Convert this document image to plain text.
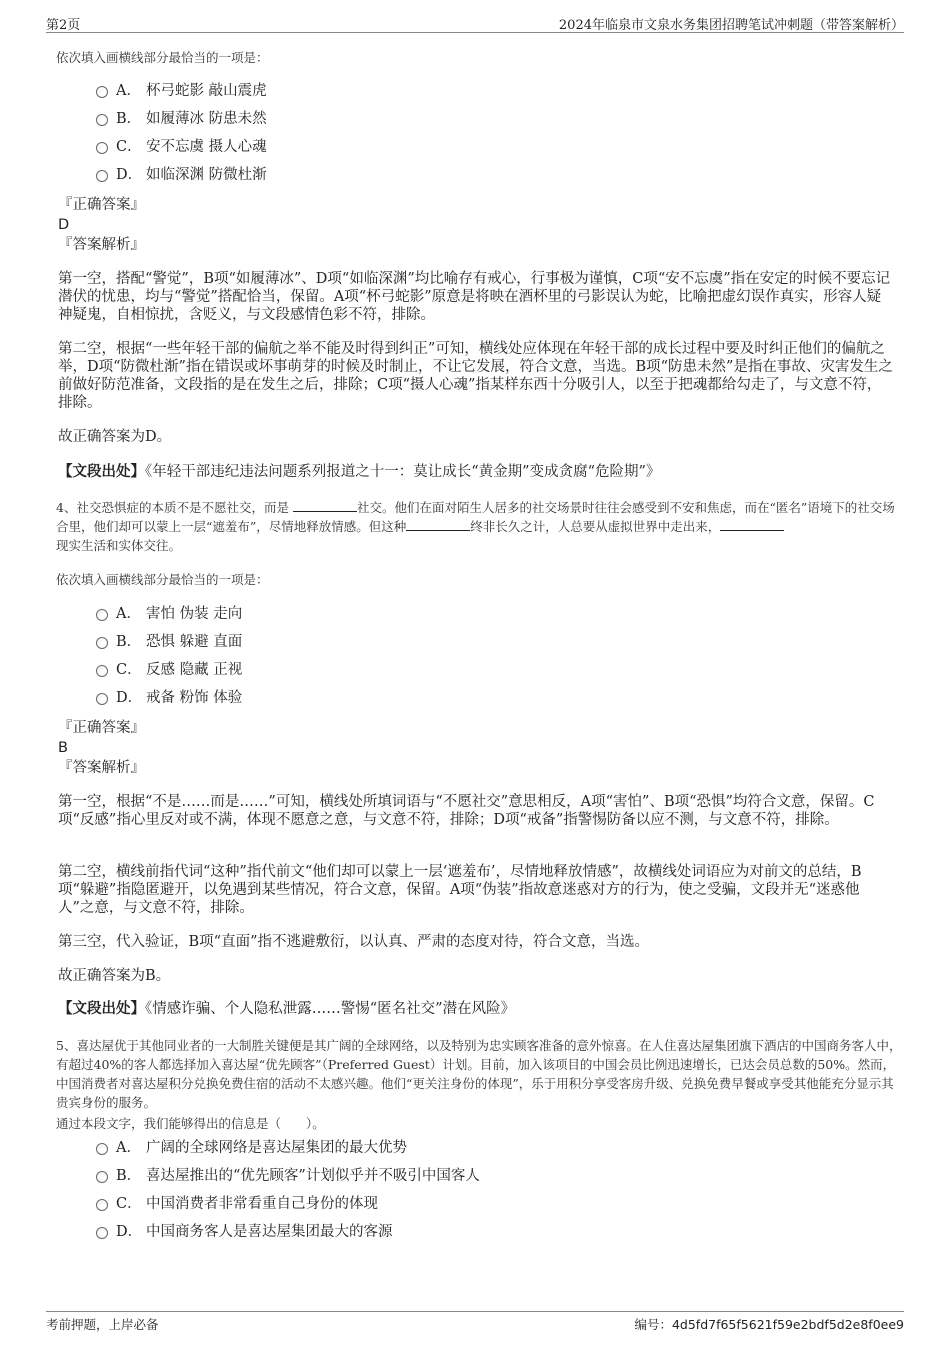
第2页	2024年临泉市文泉水务集团招聘笔试冲刺题（带答案解析）
依次填入画横线部分最恰当的一项是：
A． 杯弓蛇影 敲山震虎
B． 如履薄冰 防患未然
C． 安不忘虞 摄人心魂
D． 如临深渊 防微杜渐
『正确答案』
D
『答案解析』
第一空，搭配“警觉”，B项“如履薄冰”、D项“如临深渊”均比喻存有戒心，行事极为谨慎，C项“安不忘虞”指在安定的时候不要忘记潜伏的忧患，均与“警觉”搭配恰当，保留。A项“杯弓蛇影”原意是将映在酒杯里的弓影误认为蛇，比喻把虚幻误作真实，形容人疑神疑鬼，自相惊扰，含贬义，与文段感情色彩不符，排除。
第二空，根据“一些年轻干部的偏航之举不能及时得到纠正”可知，横线处应体现在年轻干部的成长过程中要及时纠正他们的偏航之举，D项“防微杜渐”指在错误或坏事萌芽的时候及时制止，不让它发展，符合文意，当选。B项“防患未然”是指在事故、灾害发生之前做好防范准备，文段指的是在发生之后，排除；C项“摄人心魂”指某样东西十分吸引人，以至于把魂都给勾走了，与文意不符，排除。
故正确答案为D。
【文段出处】《年轻干部违纪违法问题系列报道之十一：莫让成长“黄金期”变成贪腐“危险期”》
4、社交恐惧症的本质不是不愿社交，而是	社交。他们在面对陌生人居多的社交场景时往往会感受到不安和焦虑，而在“匿名”语境下的社交场合里，他们却可以蒙上一层“遮羞布”，尽情地释放情感。但这种	终非长久之计，人总要从虚拟世界中走出来，
现实生活和实体交往。
依次填入画横线部分最恰当的一项是：
A． 害怕 伪装 走向
B． 恐惧 躲避 直面
C． 反感 隐藏 正视
D． 戒备 粉饰 体验
『正确答案』
B
『答案解析』
第一空，根据“不是……而是……”可知，横线处所填词语与“不愿社交”意思相反，A项“害怕”、B项“恐惧”均符合文意，保留。C项“反感”指心里反对或不满，体现不愿意之意，与文意不符，排除；D项“戒备”指警惕防备以应不测，与文意不符，排除。
第二空，横线前指代词“这种”指代前文“他们却可以蒙上一层‘遮羞布’，尽情地释放情感”，故横线处词语应为对前文的总结，B项“躲避”指隐匿避开，以免遇到某些情况，符合文意，保留。A项“伪装”指故意迷惑对方的行为，使之受骗，文段并无“迷惑他人”之意，与文意不符，排除。
第三空，代入验证，B项“直面”指不逃避敷衍，以认真、严肃的态度对待，符合文意，当选。
故正确答案为B。
【文段出处】《情感诈骗、个人隐私泄露……警惕“匿名社交”潜在风险》
5、喜达屋优于其他同业者的一大制胜关键便是其广阔的全球网络，以及特别为忠实顾客准备的意外惊喜。在人住喜达屋集团旗下酒店的中国商务客人中，有超过40%的客人都选择加入喜达屋“优先顾客”（Preferred Guest）计划。目前，加入该项目的中国会员比例迅速增长，已达会员总数的50%。然而，中国消费者对喜达屋积分兑换免费住宿的活动不太感兴趣。他们“更关注身份的体现”，乐于用积分享受客房升级、兑换免费早餐或享受其他能充分显示其贵宾身份的服务。
通过本段文字，我们能够得出的信息是（　　）。
A． 广阔的全球网络是喜达屋集团的最大优势
B． 喜达屋推出的“优先顾客”计划似乎并不吸引中国客人
C． 中国消费者非常看重自己身份的体现
D． 中国商务客人是喜达屋集团最大的客源
考前押题，上岸必备	编号：4d5fd7f65f5621f59e2bdf5d2e8f0ee9
